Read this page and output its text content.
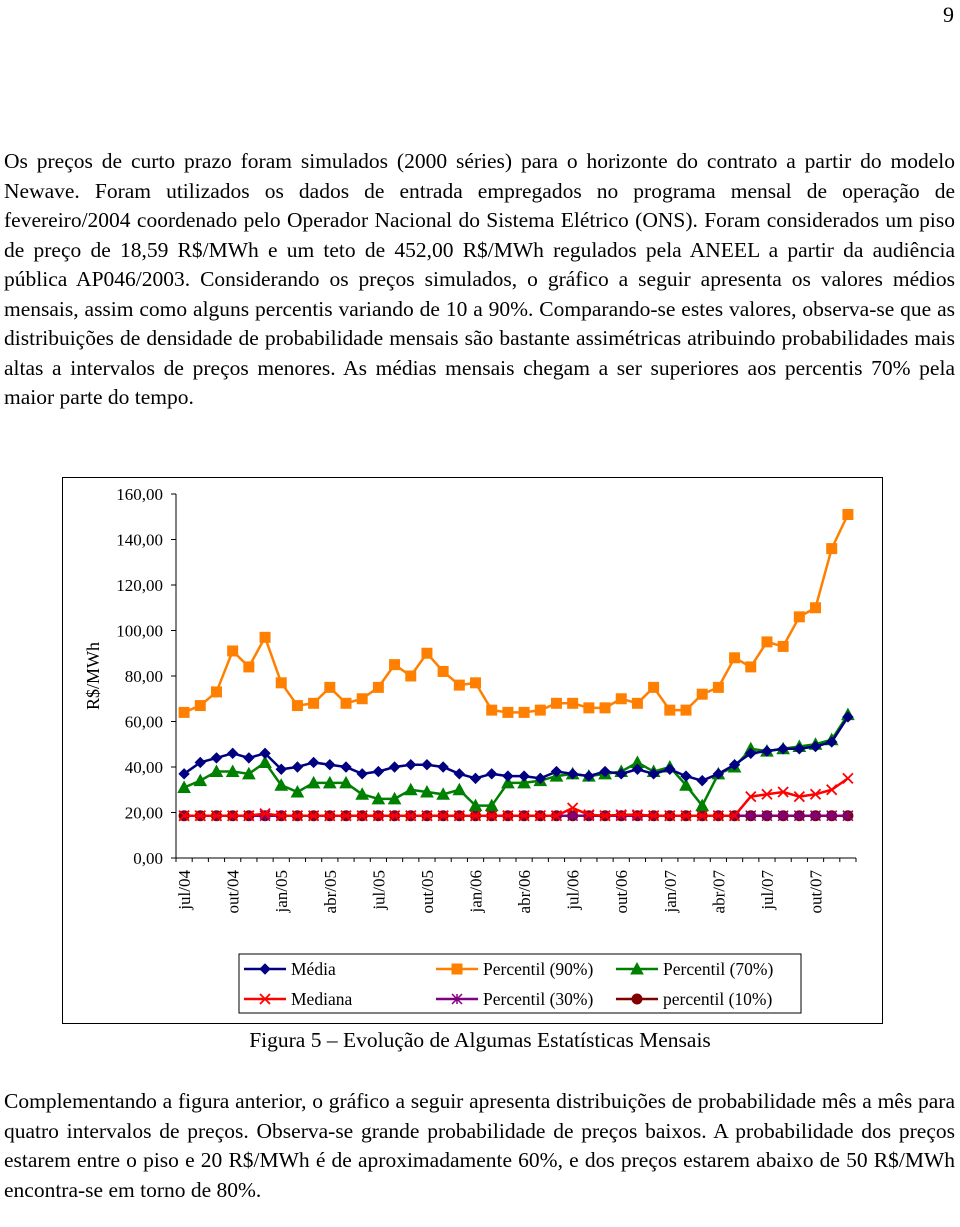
9

Os preços de curto prazo foram simulados (2000 séries) para o horizonte do contrato a partir do modelo Newave. Foram utilizados os dados de entrada empregados no programa mensal de operação de fevereiro/2004 coordenado pelo Operador Nacional do Sistema Elétrico (ONS). Foram considerados um piso de preço de 18,59 R$/MWh e um teto de 452,00 R$/MWh regulados pela ANEEL a partir da audiência pública AP046/2003. Considerando os preços simulados, o gráfico a seguir apresenta os valores médios mensais, assim como alguns percentis variando de 10 a 90%. Comparando-se estes valores, observa-se que as distribuições de densidade de probabilidade mensais são bastante assimétricas atribuindo probabilidades mais altas a intervalos de preços menores. As médias mensais chegam a ser superiores aos percentis 70% pela maior parte do tempo.

0,00
20,00
40,00
60,00
80,00
100,00
120,00
140,00
160,00
R$/MWh
jul/04 out/04 jan/05 abr/05 jul/05 out/05 jan/06 abr/06 jul/06 out/06 jan/07 abr/07 jul/07 out/07
Média	Percentil (90%)	Percentil (70%)
Mediana	Percentil (30%)	percentil (10%)
Figura 5 – Evolução de Algumas Estatísticas Mensais

Complementando a figura anterior, o gráfico a seguir apresenta distribuições de probabilidade mês a mês para quatro intervalos de preços. Observa-se grande probabilidade de preços baixos. A probabilidade dos preços estarem entre o piso e 20 R$/MWh é de aproximadamente 60%, e dos preços estarem abaixo de 50 R$/MWh encontra-se em torno de 80%.
